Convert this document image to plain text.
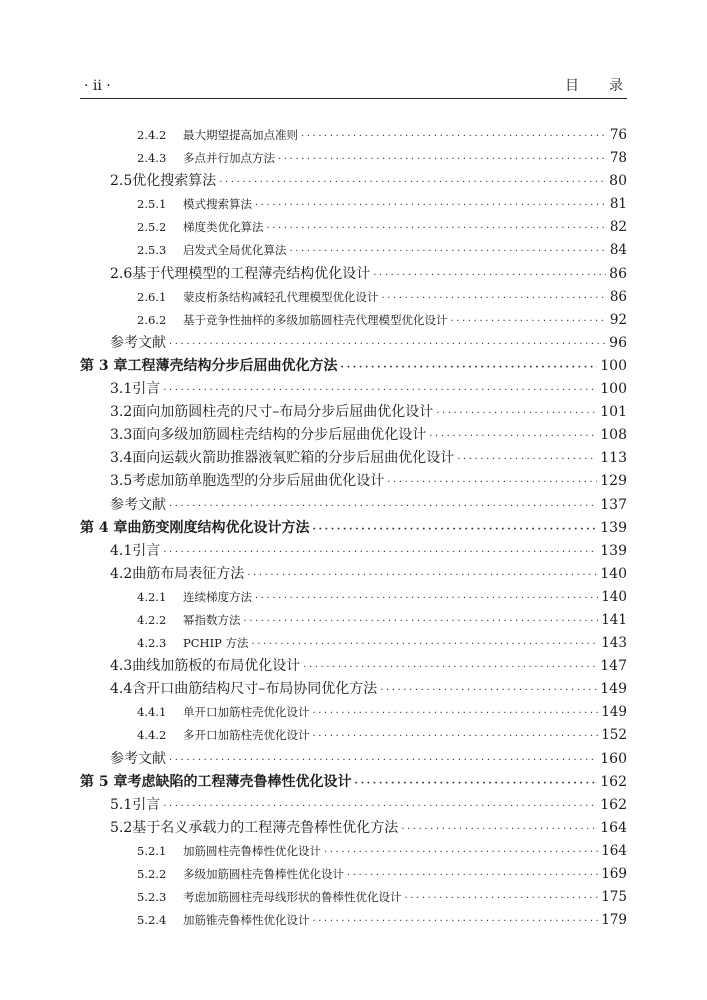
· ii ·	目录
2.4.2	最大期望提高加点准则 ·····	76
2.4.3	多点并行加点方法 ·····	78
2.5 优化搜索算法 ·····	80
2.5.1	模式搜索算法 ·····	81
2.5.2	梯度类优化算法 ·····	82
2.5.3	启发式全局优化算法 ·····	84
2.6 基于代理模型的工程薄壳结构优化设计 ·····	86
2.6.1	蒙皮桁条结构减轻孔代理模型优化设计 ·····	86
2.6.2	基于竞争性抽样的多级加筋圆柱壳代理模型优化设计 ·····	92
参考文献 ·····	96
第 3 章 工程薄壳结构分步后屈曲优化方法 ·····	100
3.1 引言 ·····	100
3.2 面向加筋圆柱壳的尺寸–布局分步后屈曲优化设计 ·····	101
3.3 面向多级加筋圆柱壳结构的分步后屈曲优化设计 ·····	108
3.4 面向运载火箭助推器液氧贮箱的分步后屈曲优化设计 ·····	113
3.5 考虑加筋单胞选型的分步后屈曲优化设计 ·····	129
参考文献 ·····	137
第 4 章 曲筋变刚度结构优化设计方法 ·····	139
4.1 引言 ·····	139
4.2 曲筋布局表征方法 ·····	140
4.2.1	连续梯度方法 ·····	140
4.2.2	幂指数方法 ·····	141
4.2.3	PCHIP 方法 ·····	143
4.3 曲线加筋板的布局优化设计 ·····	147
4.4 含开口曲筋结构尺寸–布局协同优化方法 ·····	149
4.4.1	单开口加筋柱壳优化设计 ·····	149
4.4.2	多开口加筋柱壳优化设计 ·····	152
参考文献 ·····	160
第 5 章 考虑缺陷的工程薄壳鲁棒性优化设计 ·····	162
5.1 引言 ·····	162
5.2 基于名义承载力的工程薄壳鲁棒性优化方法 ·····	164
5.2.1	加筋圆柱壳鲁棒性优化设计 ·····	164
5.2.2	多级加筋圆柱壳鲁棒性优化设计 ·····	169
5.2.3	考虑加筋圆柱壳母线形状的鲁棒性优化设计 ·····	175
5.2.4	加筋锥壳鲁棒性优化设计 ·····	179
